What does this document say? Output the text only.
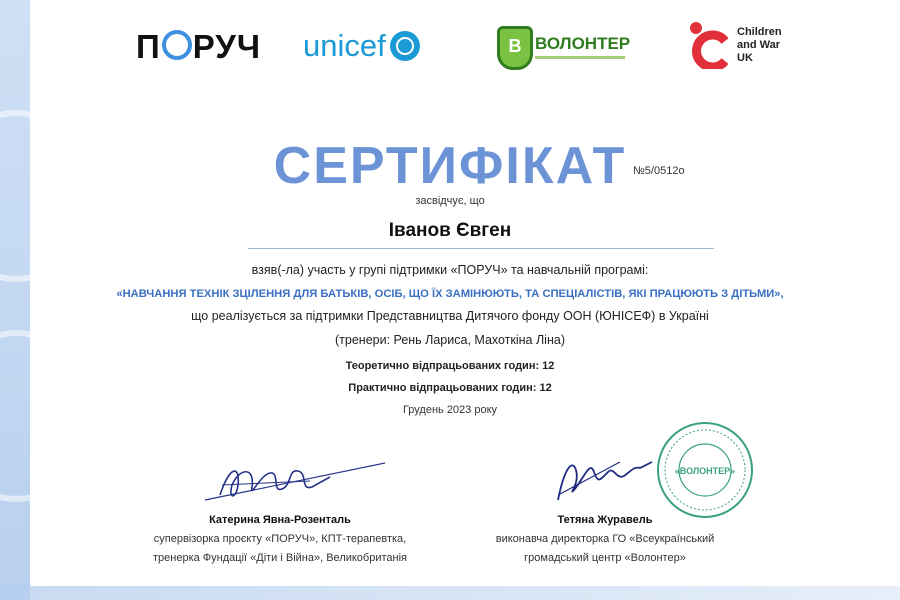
П РУЧ unicef	В ВОЛОНТЕР
Children
and War
UK
СЕРТИФІКАТ №5/0512о
засвідчує, що
Іванов Євген
взяв(-ла) участь у групі підтримки «ПОРУЧ» та навчальній програмі:
«НАВЧАННЯ ТЕХНІК ЗЦІЛЕННЯ ДЛЯ БАТЬКІВ, ОСІБ, ЩО ЇХ ЗАМІНЮЮТЬ, ТА СПЕЦІАЛІСТІВ, ЯКІ ПРАЦЮЮТЬ З ДІТЬМИ»,
що реалізується за підтримки Представництва Дитячого фонду ООН (ЮНІСЕФ) в Україні
(тренери: Рень Лариса, Махоткіна Ліна)
Теоретично відпрацьованих годин: 12
Практично відпрацьованих годин: 12
Грудень 2023 року
«ВОЛОНТЕР»
Катерина Явна-Розенталь
супервізорка проєкту «ПОРУЧ», КПТ-терапевтка,
тренерка Фундації «Діти і Війна», Великобританія
Тетяна Журавель
виконавча директорка ГО «Всеукраїнський
громадський центр «Волонтер»
